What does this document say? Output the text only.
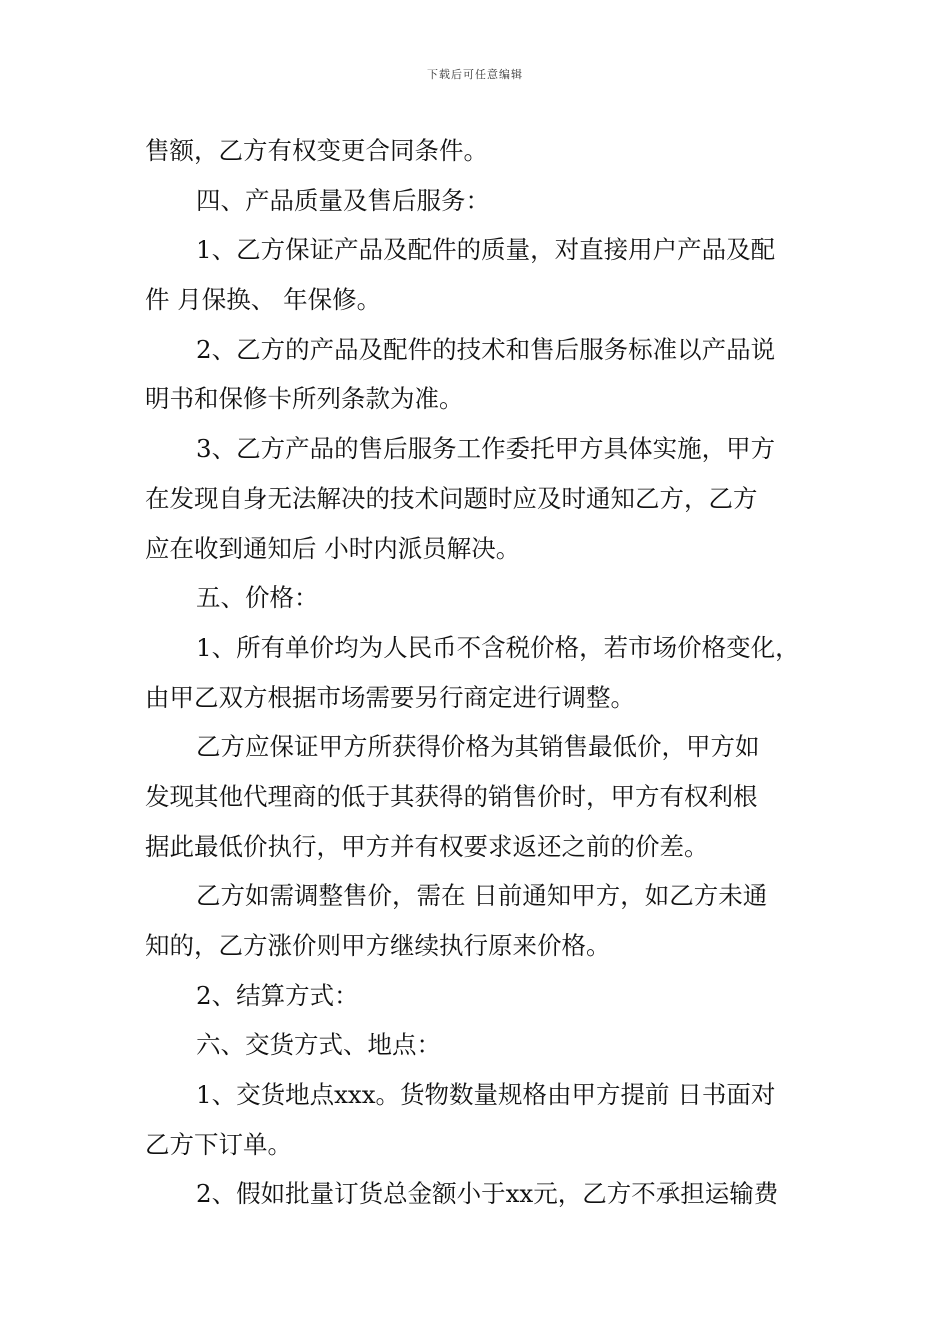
下载后可任意编辑
售额，乙方有权变更合同条件。
四、产品质量及售后服务：
1、乙方保证产品及配件的质量，对直接用户产品及配
件 月保换、 年保修。
2、乙方的产品及配件的技术和售后服务标准以产品说
明书和保修卡所列条款为准。
3、乙方产品的售后服务工作委托甲方具体实施，甲方
在发现自身无法解决的技术问题时应及时通知乙方，乙方
应在收到通知后 小时内派员解决。
五、价格：
1、所有单价均为人民币不含税价格，若市场价格变化，
由甲乙双方根据市场需要另行商定进行调整。
乙方应保证甲方所获得价格为其销售最低价，甲方如
发现其他代理商的低于其获得的销售价时，甲方有权利根
据此最低价执行，甲方并有权要求返还之前的价差。
乙方如需调整售价，需在 日前通知甲方，如乙方未通
知的，乙方涨价则甲方继续执行原来价格。
2、结算方式：
六、交货方式、地点：
1、交货地点xxx。货物数量规格由甲方提前 日书面对
乙方下订单。
2、假如批量订货总金额小于xx元，乙方不承担运输费
